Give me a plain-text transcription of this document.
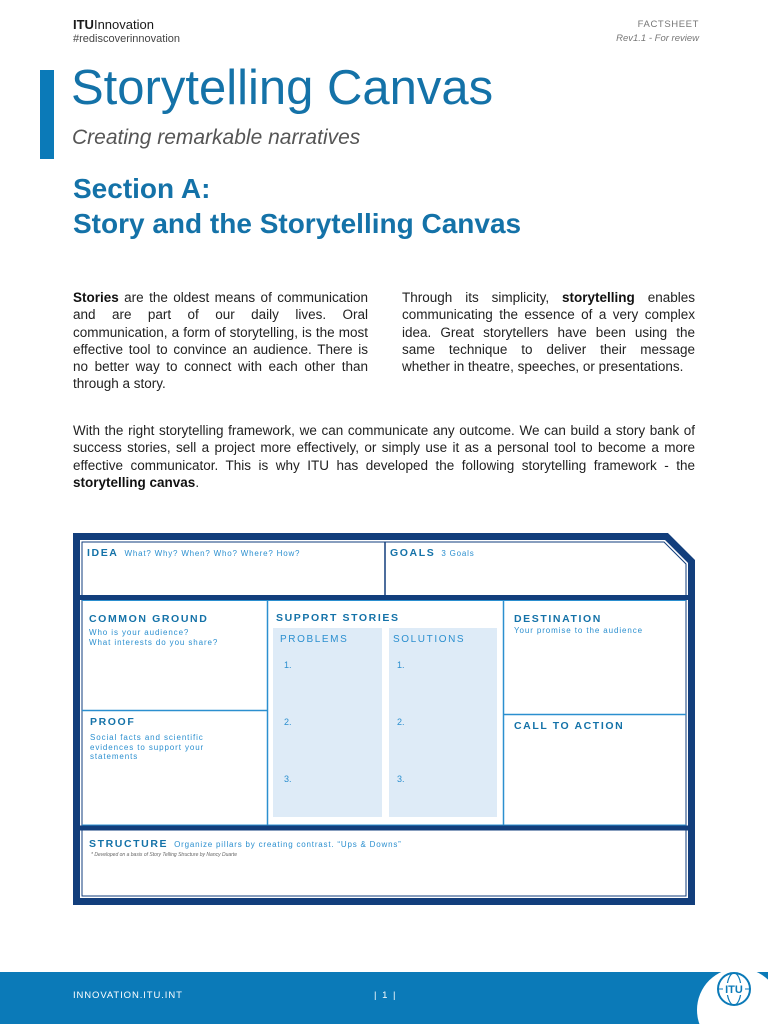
ITUInnovation
#rediscoverinnovation
FACTSHEET
Rev1.1 - For review
Storytelling Canvas
Creating remarkable narratives
Section A:
Story and the Storytelling Canvas
Stories are the oldest means of communication and are part of our daily lives. Oral communication, a form of storytelling, is the most effective tool to convince an audience. There is no better way to connect with each other than through a story.
Through its simplicity, storytelling enables communicating the essence of a very complex idea. Great storytellers have been using the same technique to deliver their message whether in theatre, speeches, or presentations.
With the right storytelling framework, we can communicate any outcome. We can build a story bank of success stories, sell a project more effectively, or simply use it as a personal tool to become a more effective communicator. This is why ITU has developed the following storytelling framework - the storytelling canvas.
IDEA What? Why? When? Who? Where? How?	GOALS 3 Goals
COMMON GROUND
Who is your audience?
What interests do you share?
PROOF
Social facts and scientific
evidences to support your
statements
SUPPORT STORIES
PROBLEMS	SOLUTIONS
1.
2.
3.
1.
2.
3.
DESTINATION
Your promise to the audience
CALL TO ACTION
STRUCTURE Organize pillars by creating contrast. “Ups & Downs”
* Developed on a basis of Story Telling Structure by Nancy Duarte
INNOVATION.ITU.INT	| 1 |	ITU
